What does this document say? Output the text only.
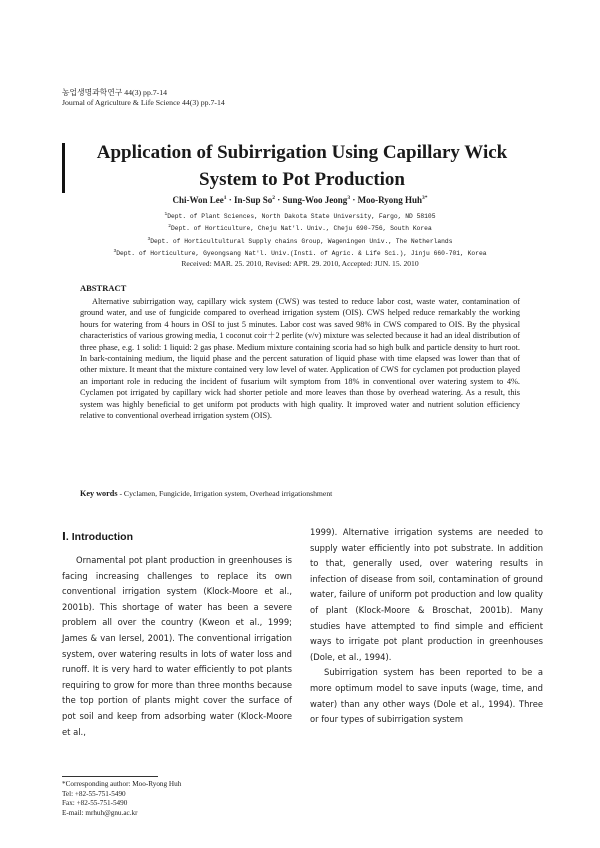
농업생명과학연구 44(3) pp.7-14
Journal of Agriculture & Life Science 44(3) pp.7-14
Application of Subirrigation Using Capillary Wick System to Pot Production
Chi-Won Lee$^1$ · In-Sup $So^2$ · Sung-Woo Jeong$^3$ · Moo-Ryong Huh$^{3*}$
$^1$Dept. of Plant Sciences, North Dakota State University, Fargo, ND 58105
$^2$Dept. of Horticulture, Cheju Nat'l. Univ., Cheju 690-756, South Korea
$^3$Dept. of Horticultultural Supply chains Group, Wageningen Univ., The Netherlands
$^3$Dept. of Horticulture, Gyeongsang Nat'l. Univ.(Insti. of Agric. & Life Sci.), Jinju 660-701, Korea
Received: MAR. 25. 2010, Revised: APR. 29. 2010, Accepted: JUN. 15. 2010
ABSTRACT
Alternative subirrigation way, capillary wick system (CWS) was tested to reduce labor cost, waste water, contamination of ground water, and use of fungicide compared to overhead irrigation system (OIS). CWS helped reduce remarkably the working hours for watering from 4 hours in OSI to just 5 minutes. Labor cost was saved 98% in CWS compared to OIS. By the physical characteristics of various growing media, 1 coconut coir＋2 perlite (v/v) mixture was selected because it had an ideal distribution of three phase, e.g. 1 solid: 1 liquid: 2 gas phase. Medium mixture containing scoria had so high bulk and particle density to hurt root. In bark-containing medium, the liquid phase and the percent saturation of liquid phase with time elapsed was lower than that of other mixture. It meant that the mixture contained very low level of water. Application of CWS for cyclamen pot production played an important role in reducing the incident of fusarium wilt symptom from 18% in conventional over watering system to 4%. Cyclamen pot irrigated by capillary wick had shorter petiole and more leaves than those by overhead watering. As a result, this system was highly beneficial to get uniform pot products with high quality. It improved water and nutrient solution efficiency relative to conventional overhead irrigation system (OIS).
Key words - Cyclamen, Fungicide, Irrigation system, Overhead irrigationshment
Ⅰ. Introduction

Ornamental pot plant production in greenhouses is facing increasing challenges to replace its own conventional irrigation system (Klock-Moore et al., 2001b). This shortage of water has been a severe problem all over the country (Kweon et al., 1999; James & van Iersel, 2001). The conventional irrigation system, over watering results in lots of water loss and runoff. It is very hard to water efficiently to pot plants requiring to grow for more than three months because the top portion of plants might cover the surface of pot soil and keep from adsorbing water (Klock-Moore et al.,

1999). Alternative irrigation systems are needed to supply water efficiently into pot substrate. In addition to that, generally used, over watering results in infection of disease from soil, contamination of ground water, failure of uniform pot production and low quality of plant (Klock-Moore & Broschat, 2001b). Many studies have attempted to find simple and efficient ways to irrigate pot plant production in greenhouses (Dole, et al., 1994).

Subirrigation system has been reported to be a more optimum model to save inputs (wage, time, and water) than any other ways (Dole et al., 1994). Three or four types of subirrigation system

*Corresponding author: Moo-Ryong Huh
Tel: +82-55-751-5490
Fax: +82-55-751-5490
E-mail: mrhuh@gnu.ac.kr
